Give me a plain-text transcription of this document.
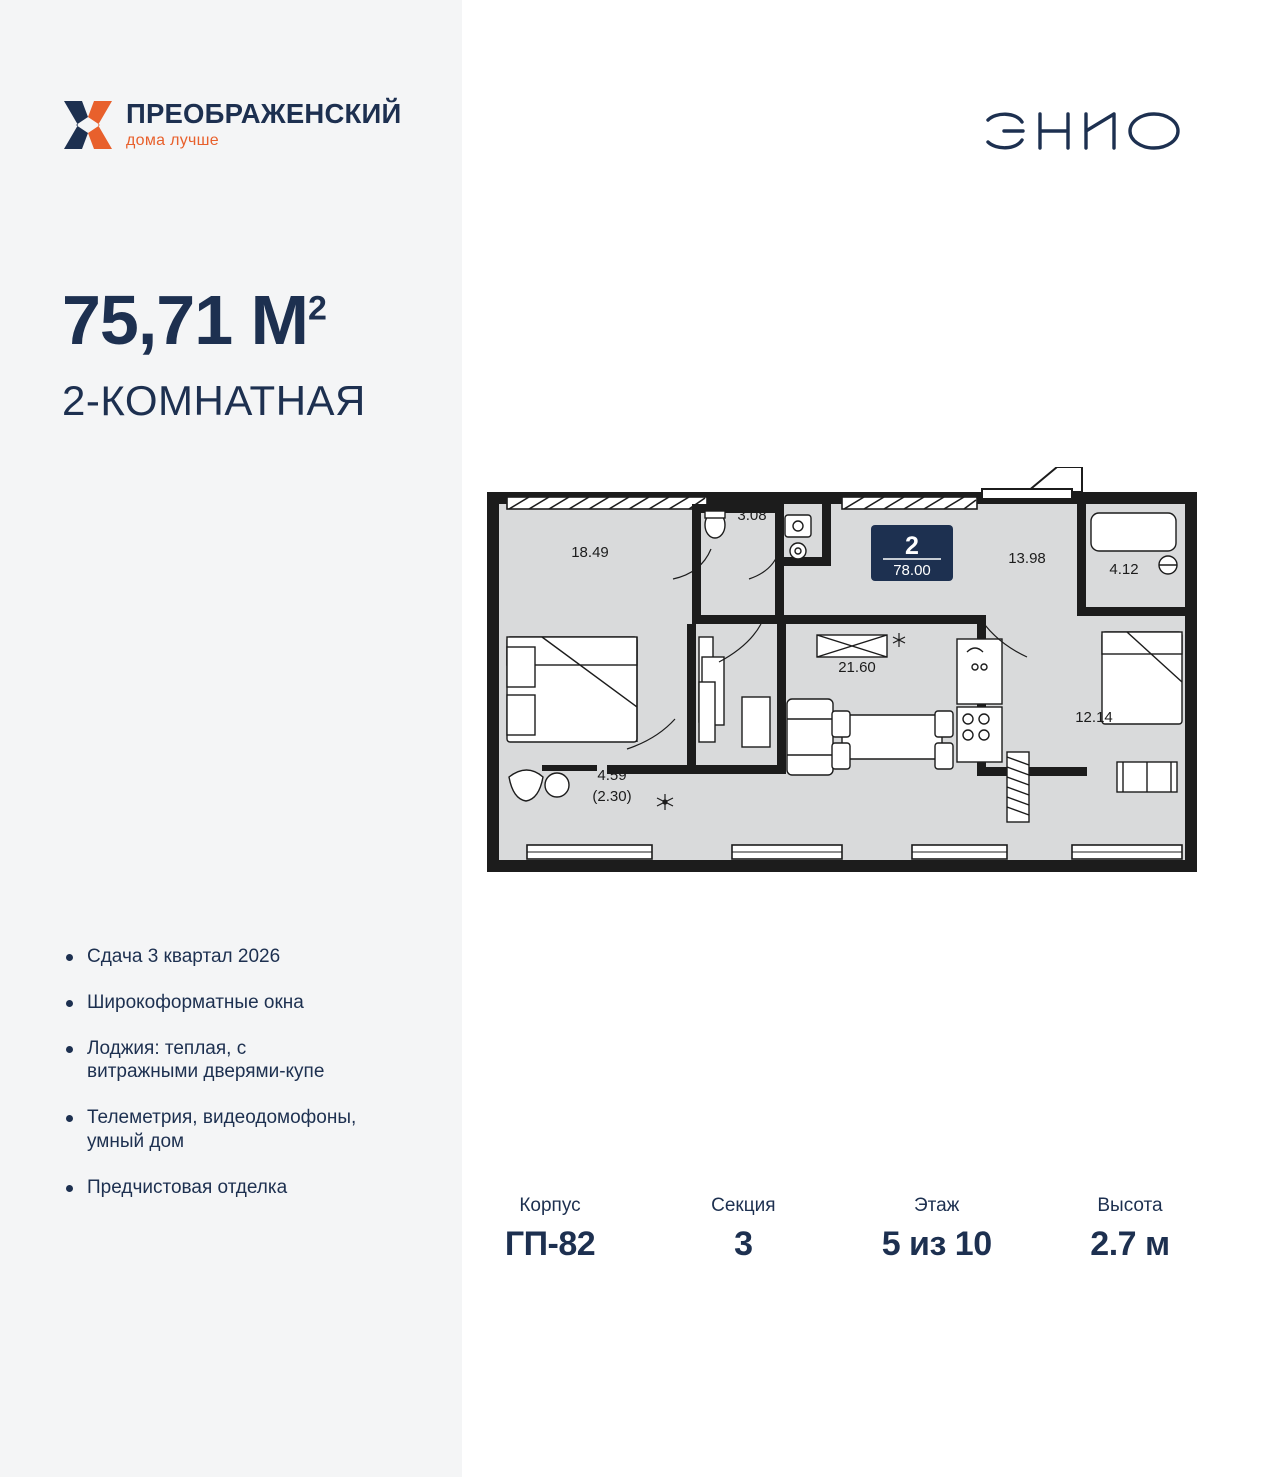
ПРЕОБРАЖЕНСКИЙ
дома лучше
75,71 $М^2$
2-КОМНАТНАЯ
Сдача 3 квартал 2026
Широкоформатные окна
Лоджия: теплая, с витражными дверями-купе
Телеметрия, видеодомофоны, умный дом
Предчистовая отделка
18.49
3.08
13.98
4.12
21.60
12.14
4.59
(2.30)
2
78.00
Корпус
ГП-82
Секция
3
Этаж
5 из 10
Высота
2.7 м
